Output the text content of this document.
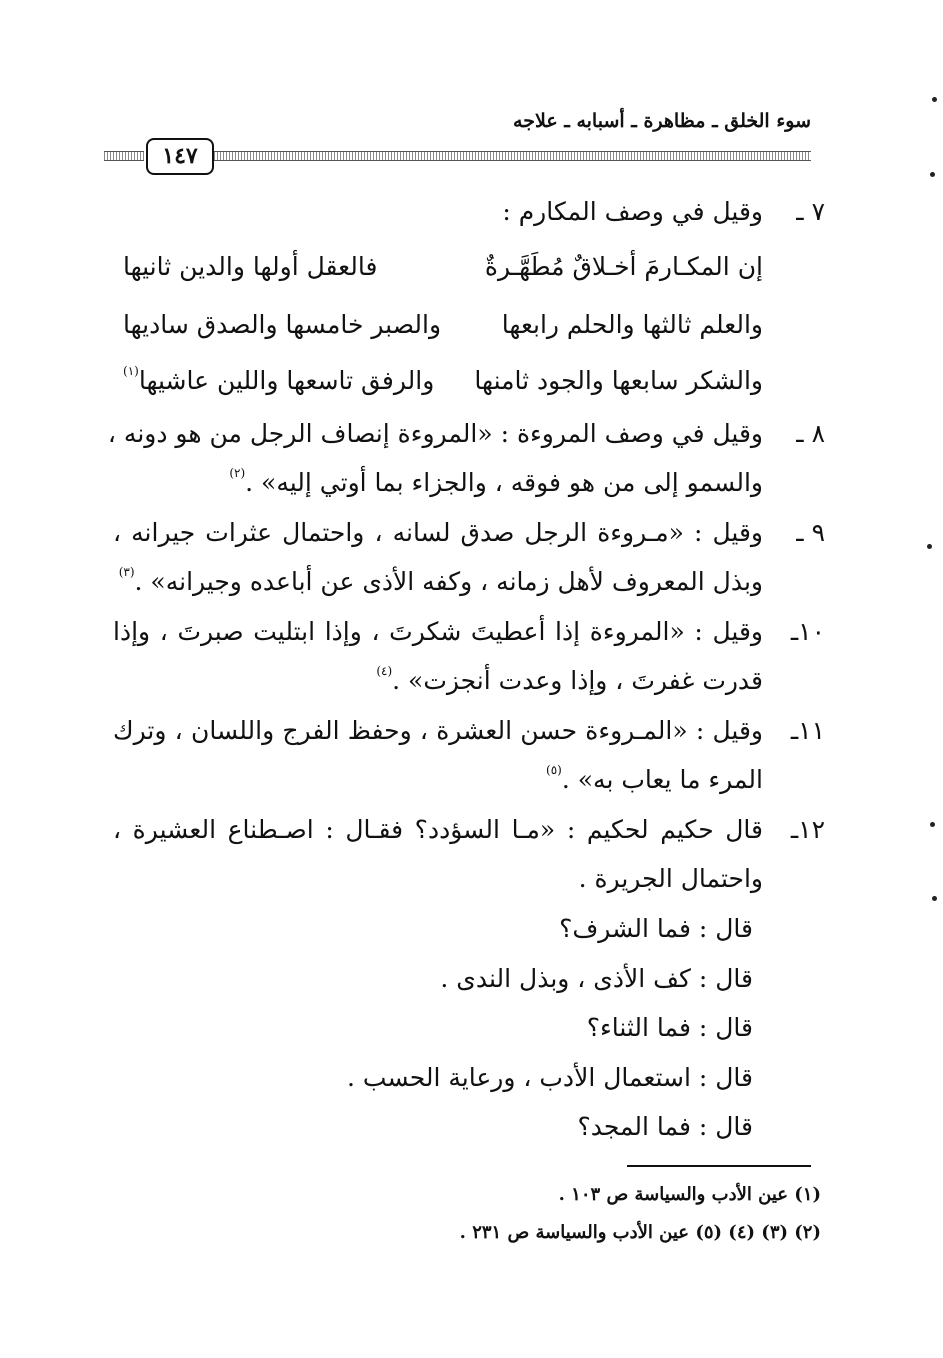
سوء الخلق ـ مظاهرة ـ أسبابه ـ علاجه
١٤٧
٧ ـ
وقيل في وصف المكارم :
إن المكـارمَ أخـلاقٌ مُطَهَّـرةٌ
فالعقل أولها والدين ثانيها
والعلم ثالثها والحلم رابعها
والصبر خامسها والصدق ساديها
والشكر سابعها والجود ثامنها
والرفق تاسعها واللين عاشيها$^{(١)}$
٨ ـ
وقيل في وصف المروءة : «المروءة إنصاف الرجل من هو دونه ،
والسمو إلى من هو فوقه ، والجزاء بما أوتي إليه» .$^{(٢)}$
٩ ـ
وقيل : «مـروءة الرجل صدق لسانه ، واحتمال عثرات جيرانه ،
وبذل المعروف لأهل زمانه ، وكفه الأذى عن أباعده وجيرانه» .$^{(٣)}$
١٠ـ
وقيل : «المروءة إذا أعطيتَ شكرتَ ، وإذا ابتليت صبرتَ ، وإذا
قدرت غفرتَ ، وإذا وعدت أنجزت» .$^{(٤)}$
١١ـ
وقيل : «المـروءة حسن العشرة ، وحفظ الفرج واللسان ، وترك
المرء ما يعاب به» .$^{(٥)}$
١٢ـ
قال حكيم لحكيم : «مـا السؤدد؟ فقـال : اصـطناع العشيرة ،
واحتمال الجريرة .
قال : فما الشرف؟
قال : كف الأذى ، وبذل الندى .
قال : فما الثناء؟
قال : استعمال الأدب ، ورعاية الحسب .
قال : فما المجد؟
(١) عين الأدب والسياسة ص ١٠٣ .
(٢) (٣) (٤) (٥) عين الأدب والسياسة ص ٢٣١ .
